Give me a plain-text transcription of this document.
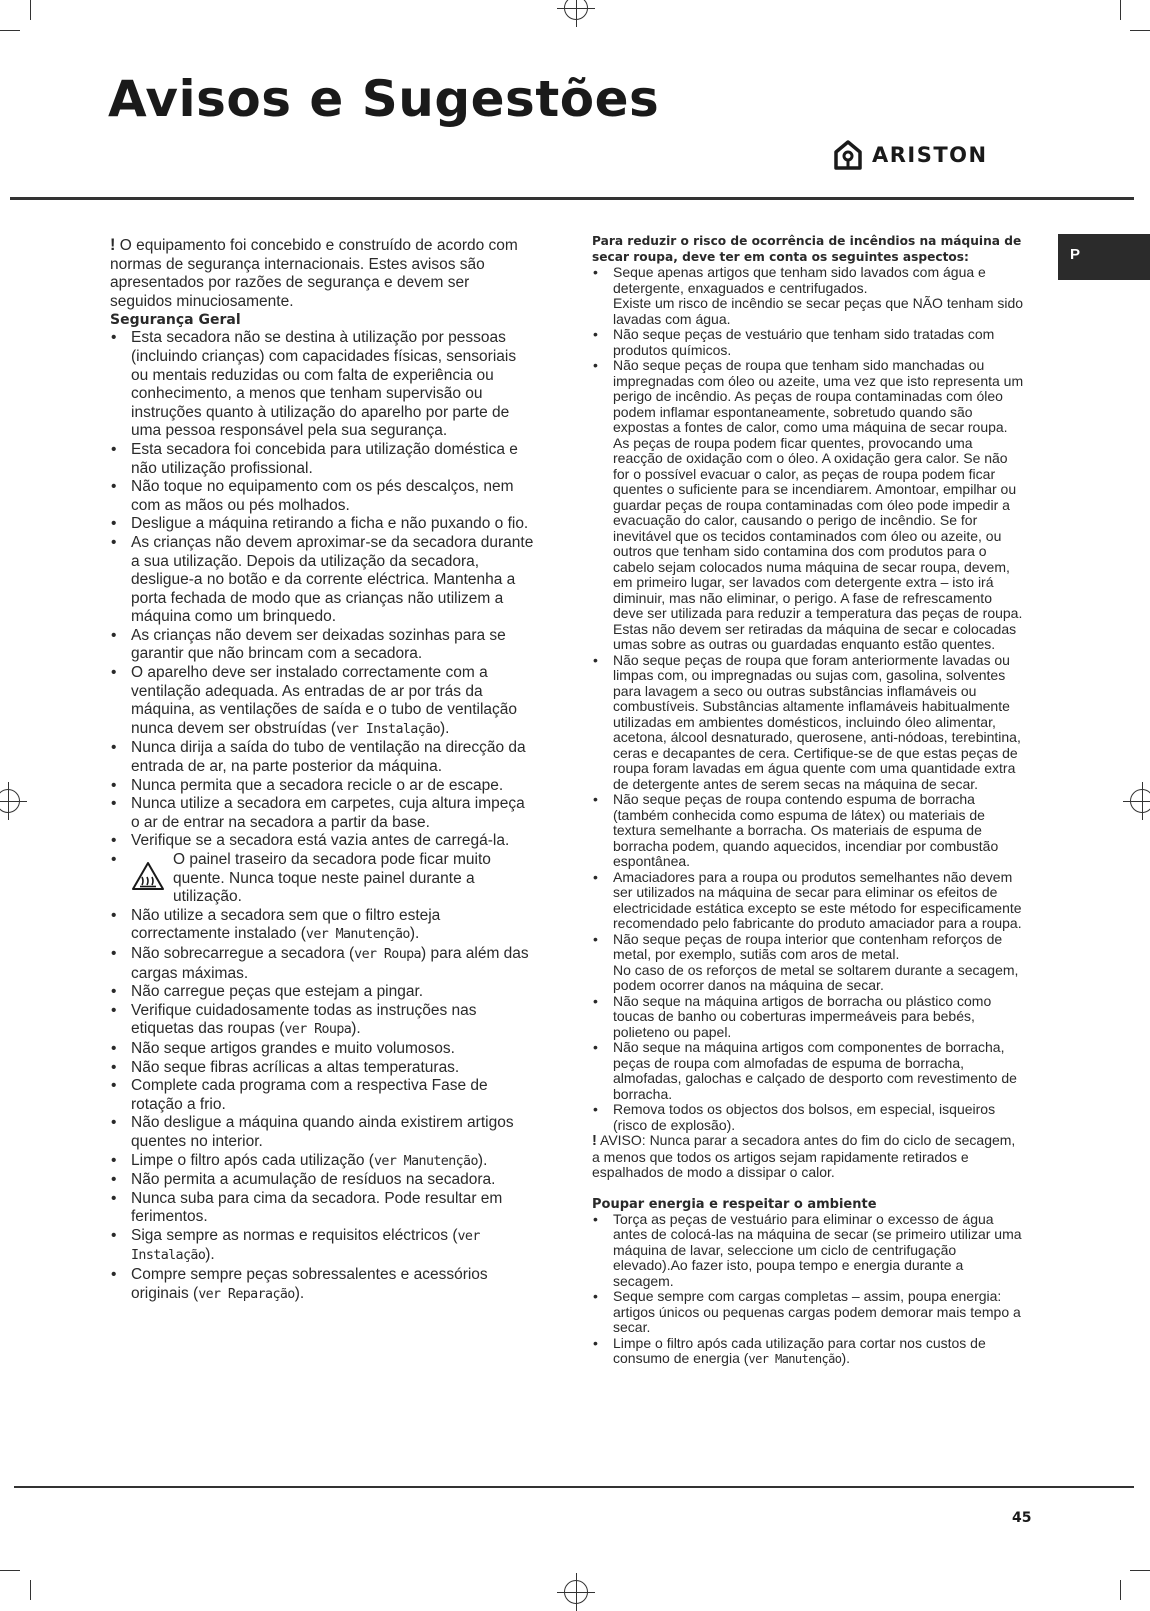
Avisos e Sugestões
ARISTON
P

! O equipamento foi concebido e construído de acordo com normas de segurança internacionais. Estes avisos são apresentados por razões de segurança e devem ser seguidos minuciosamente.

Segurança Geral

• Esta secadora não se destina à utilização por pessoas (incluindo crianças) com capacidades físicas, sensoriais ou mentais reduzidas ou com falta de experiência ou conhecimento, a menos que tenham supervisão ou instruções quanto à utilização do aparelho por parte de uma pessoa responsável pela sua segurança.
• Esta secadora foi concebida para utilização doméstica e não utilização profissional.
• Não toque no equipamento com os pés descalços, nem com as mãos ou pés molhados.
• Desligue a máquina retirando a ficha e não puxando o fio.
• As crianças não devem aproximar-se da secadora durante a sua utilização. Depois da utilização da secadora, desligue-a no botão e da corrente eléctrica. Mantenha a porta fechada de modo que as crianças não utilizem a máquina como um brinquedo.
• As crianças não devem ser deixadas sozinhas para se garantir que não brincam com a secadora.
• O aparelho deve ser instalado correctamente com a ventilação adequada. As entradas de ar por trás da máquina, as ventilações de saída e o tubo de ventilação nunca devem ser obstruídas (ver Instalação).
• Nunca dirija a saída do tubo de ventilação na direcção da entrada de ar, na parte posterior da máquina.
• Nunca permita que a secadora recicle o ar de escape.
• Nunca utilize a secadora em carpetes, cuja altura impeça o ar de entrar na secadora a partir da base.
• Verifique se a secadora está vazia antes de carregá-la.
• O painel traseiro da secadora pode ficar muito quente. Nunca toque neste painel durante a utilização.
• Não utilize a secadora sem que o filtro esteja correctamente instalado (ver Manutenção).
• Não sobrecarregue a secadora (ver Roupa) para além das cargas máximas.
• Não carregue peças que estejam a pingar.
• Verifique cuidadosamente todas as instruções nas etiquetas das roupas (ver Roupa).
• Não seque artigos grandes e muito volumosos.
• Não seque fibras acrílicas a altas temperaturas.
• Complete cada programa com a respectiva Fase de rotação a frio.
• Não desligue a máquina quando ainda existirem artigos quentes no interior.
• Limpe o filtro após cada utilização (ver Manutenção).
• Não permita a acumulação de resíduos na secadora.
• Nunca suba para cima da secadora. Pode resultar em ferimentos.
• Siga sempre as normas e requisitos eléctricos (ver Instalação).
• Compre sempre peças sobressalentes e acessórios originais (ver Reparação).

Para reduzir o risco de ocorrência de incêndios na máquina de secar roupa, deve ter em conta os seguintes aspectos:

• Seque apenas artigos que tenham sido lavados com água e detergente, enxaguados e centrifugados.
Existe um risco de incêndio se secar peças que NÃO tenham sido lavadas com água.
• Não seque peças de vestuário que tenham sido tratadas com produtos químicos.
• Não seque peças de roupa que tenham sido manchadas ou impregnadas com óleo ou azeite, uma vez que isto representa um perigo de incêndio. As peças de roupa contaminadas com óleo podem inflamar espontaneamente, sobretudo quando são expostas a fontes de calor, como uma máquina de secar roupa. As peças de roupa podem ficar quentes, provocando uma reacção de oxidação com o óleo. A oxidação gera calor. Se não for o possível evacuar o calor, as peças de roupa podem ficar quentes o suficiente para se incendiarem. Amontoar, empilhar ou guardar peças de roupa contaminadas com óleo pode impedir a evacuação do calor, causando o perigo de incêndio. Se for inevitável que os tecidos contaminados com óleo ou azeite, ou outros que tenham sido contamina dos com produtos para o cabelo sejam colocados numa máquina de secar roupa, devem, em primeiro lugar, ser lavados com detergente extra – isto irá diminuir, mas não eliminar, o perigo. A fase de refrescamento deve ser utilizada para reduzir a temperatura das peças de roupa. Estas não devem ser retiradas da máquina de secar e colocadas umas sobre as outras ou guardadas enquanto estão quentes.
• Não seque peças de roupa que foram anteriormente lavadas ou limpas com, ou impregnadas ou sujas com, gasolina, solventes para lavagem a seco ou outras substâncias inflamáveis ou combustíveis. Substâncias altamente inflamáveis habitualmente utilizadas em ambientes domésticos, incluindo óleo alimentar, acetona, álcool desnaturado, querosene, anti-nódoas, terebintina, ceras e decapantes de cera. Certifique-se de que estas peças de roupa foram lavadas em água quente com uma quantidade extra de detergente antes de serem secas na máquina de secar.
• Não seque peças de roupa contendo espuma de borracha (também conhecida como espuma de látex) ou materiais de textura semelhante a borracha. Os materiais de espuma de borracha podem, quando aquecidos, incendiar por combustão espontânea.
• Amaciadores para a roupa ou produtos semelhantes não devem ser utilizados na máquina de secar para eliminar os efeitos de electricidade estática excepto se este método for especificamente recomendado pelo fabricante do produto amaciador para a roupa.
• Não seque peças de roupa interior que contenham reforços de metal, por exemplo, sutiãs com aros de metal.
No caso de os reforços de metal se soltarem durante a secagem, podem ocorrer danos na máquina de secar.
• Não seque na máquina artigos de borracha ou plástico como toucas de banho ou coberturas impermeáveis para bebés, polieteno ou papel.
• Não seque na máquina artigos com componentes de borracha, peças de roupa com almofadas de espuma de borracha, almofadas, galochas e calçado de desporto com revestimento de borracha.
• Remova todos os objectos dos bolsos, em especial, isqueiros (risco de explosão).

! AVISO: Nunca parar a secadora antes do fim do ciclo de secagem, a menos que todos os artigos sejam rapidamente retirados e espalhados de modo a dissipar o calor.

Poupar energia e respeitar o ambiente

• Torça as peças de vestuário para eliminar o excesso de água antes de colocá-las na máquina de secar (se primeiro utilizar uma máquina de lavar, seleccione um ciclo de centrifugação elevado).Ao fazer isto, poupa tempo e energia durante a secagem.
• Seque sempre com cargas completas – assim, poupa energia: artigos únicos ou pequenas cargas podem demorar mais tempo a secar.
• Limpe o filtro após cada utilização para cortar nos custos de consumo de energia (ver Manutenção).
45
